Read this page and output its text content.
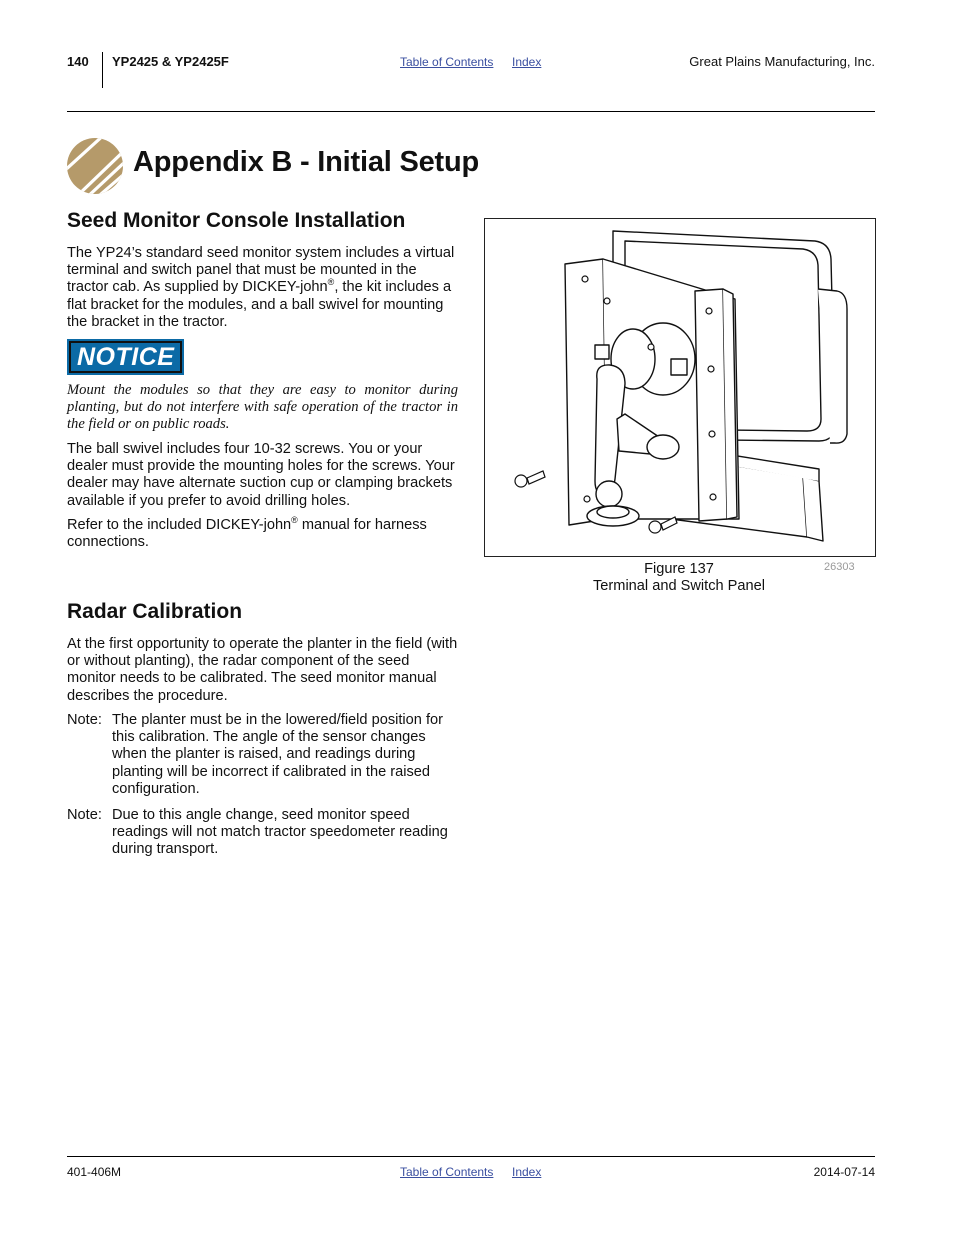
140 YP2425 & YP2425F	Table of Contents Index	Great Plains Manufacturing, Inc.
Appendix B - Initial Setup
Seed Monitor Console Installation

The YP24’s standard seed monitor system includes a virtual terminal and switch panel that must be mounted in the tractor cab. As supplied by DICKEY-john®, the kit includes a flat bracket for the modules, and a ball swivel for mounting the bracket in the tractor.

NOTICE
Mount the modules so that they are easy to monitor during planting, but do not interfere with safe operation of the tractor in the field or on public roads.
The ball swivel includes four 10-32 screws. You or your dealer must provide the mounting holes for the screws. Your dealer may have alternate suction cup or clamping brackets available if you prefer to avoid drilling holes.

Refer to the included DICKEY-john® manual for harness connections.

Figure 137
Terminal and Switch Panel
26303
Radar Calibration
At the first opportunity to operate the planter in the field (with or without planting), the radar component of the seed monitor needs to be calibrated. The seed monitor manual describes the procedure.
Note: The planter must be in the lowered/field position for this calibration. The angle of the sensor changes when the planter is raised, and readings during planting will be incorrect if calibrated in the raised configuration.
Note: Due to this angle change, seed monitor speed readings will not match tractor speedometer reading during transport.
401-406M	Table of Contents Index	2014-07-14
